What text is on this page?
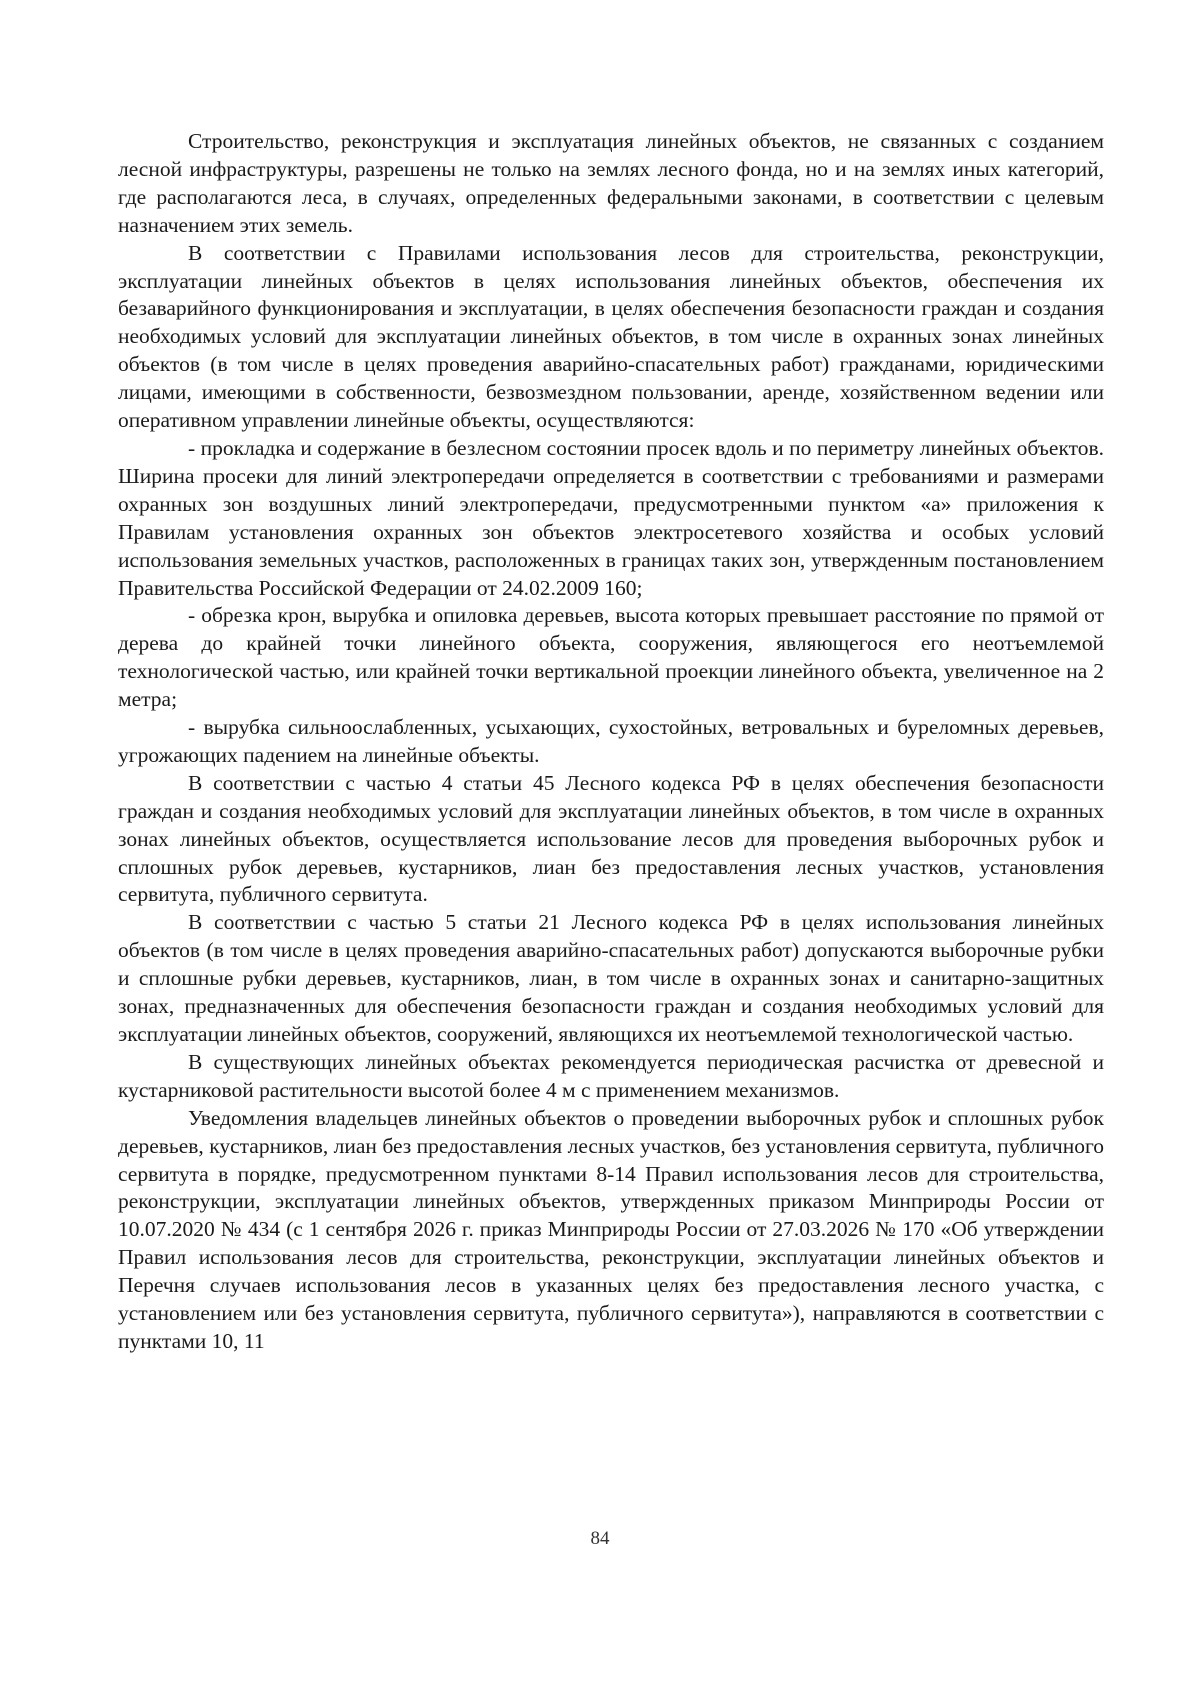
Строительство, реконструкция и эксплуатация линейных объектов, не связанных с созданием лесной инфраструктуры, разрешены не только на землях лесного фонда, но и на землях иных категорий, где располагаются леса, в случаях, определенных федеральными законами, в соответствии с целевым назначением этих земель.

В соответствии с Правилами использования лесов для строительства, реконструкции, эксплуатации линейных объектов в целях использования линейных объектов, обеспечения их безаварийного функционирования и эксплуатации, в целях обеспечения безопасности граждан и создания необходимых условий для эксплуатации линейных объектов, в том числе в охранных зонах линейных объектов (в том числе в целях проведения аварийно-спасательных работ) гражданами, юридическими лицами, имеющими в собственности, безвозмездном пользовании, аренде, хозяйственном ведении или оперативном управлении линейные объекты, осуществляются:

- прокладка и содержание в безлесном состоянии просек вдоль и по периметру линейных объектов. Ширина просеки для линий электропередачи определяется в соответствии с требованиями и размерами охранных зон воздушных линий электропередачи, предусмотренными пунктом «а» приложения к Правилам установления охранных зон объектов электросетевого хозяйства и особых условий использования земельных участков, расположенных в границах таких зон, утвержденным постановлением Правительства Российской Федерации от 24.02.2009 160;

- обрезка крон, вырубка и опиловка деревьев, высота которых превышает расстояние по прямой от дерева до крайней точки линейного объекта, сооружения, являющегося его неотъемлемой технологической частью, или крайней точки вертикальной проекции линейного объекта, увеличенное на 2 метра;

- вырубка сильноослабленных, усыхающих, сухостойных, ветровальных и буреломных деревьев, угрожающих падением на линейные объекты.

В соответствии с частью 4 статьи 45 Лесного кодекса РФ в целях обеспечения безопасности граждан и создания необходимых условий для эксплуатации линейных объектов, в том числе в охранных зонах линейных объектов, осуществляется использование лесов для проведения выборочных рубок и сплошных рубок деревьев, кустарников, лиан без предоставления лесных участков, установления сервитута, публичного сервитута.

В соответствии с частью 5 статьи 21 Лесного кодекса РФ в целях использования линейных объектов (в том числе в целях проведения аварийно-спасательных работ) допускаются выборочные рубки и сплошные рубки деревьев, кустарников, лиан, в том числе в охранных зонах и санитарно-защитных зонах, предназначенных для обеспечения безопасности граждан и создания необходимых условий для эксплуатации линейных объектов, сооружений, являющихся их неотъемлемой технологической частью.

В существующих линейных объектах рекомендуется периодическая расчистка от древесной и кустарниковой растительности высотой более 4 м с применением механизмов.

Уведомления владельцев линейных объектов о проведении выборочных рубок и сплошных рубок деревьев, кустарников, лиан без предоставления лесных участков, без установления сервитута, публичного сервитута в порядке, предусмотренном пунктами 8-14 Правил использования лесов для строительства, реконструкции, эксплуатации линейных объектов, утвержденных приказом Минприроды России от 10.07.2020 № 434 (с 1 сентября 2026 г. приказ Минприроды России от 27.03.2026 № 170 «Об утверждении Правил использования лесов для строительства, реконструкции, эксплуатации линейных объектов и Перечня случаев использования лесов в указанных целях без предоставления лесного участка, с установлением или без установления сервитута, публичного сервитута»), направляются в соответствии с пунктами 10, 11

84
